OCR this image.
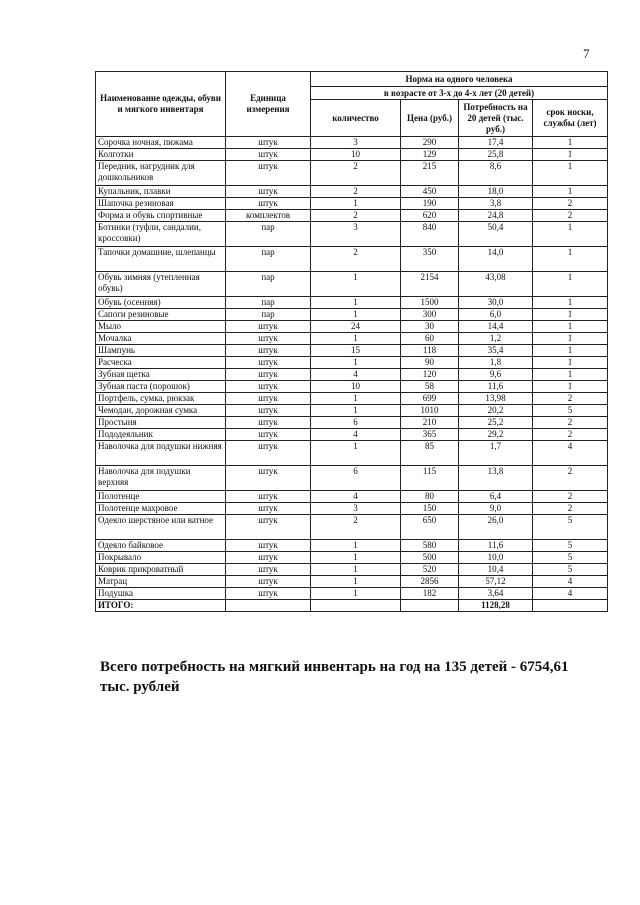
7
Наименование одежды, обуви и мягкого инвентаря	Единица измерения	Норма на одного человека			
		в возрасте от 3-х до 4-х лет (20 детей)			
		количество	Цена (руб.)	Потребность на 20 детей (тыс. руб.)	срок носки, службы (лет)
Сорочка ночная, пижама	штук	3	290	17,4	1
Колготки	штук	10	129	25,8	1
Передник, нагрудник для дошкольников	штук	2	215	8,6	1
Купальник, плавки	штук	2	450	18,0	1
Шапочка резиновая	штук	1	190	3,8	2
Форма и обувь спортивные	комплектов	2	620	24,8	2
Ботинки (туфли, сандалии, кроссовки)	пар	3	840	50,4	1
Тапочки домашние, шлепанцы	пар	2	350	14,0	1
Обувь зимняя (утепленная обувь)	пар	1	2154	43,08	1
Обувь (осенняя)	пар	1	1500	30,0	1
Сапоги резиновые	пар	1	300	6,0	1
Мыло	штук	24	30	14,4	1
Мочалка	штук	1	60	1,2	1
Шампунь	штук	15	118	35,4	1
Расческа	штук	1	90	1,8	1
Зубная щетка	штук	4	120	9,6	1
Зубная паста (порошок)	штук	10	58	11,6	1
Портфель, сумка, рюкзак	штук	1	699	13,98	2
Чемодан, дорожная сумка	штук	1	1010	20,2	5
Простыня	штук	6	210	25,2	2
Пододеяльник	штук	4	365	29,2	2
Наволочка для подушки нижняя	штук	1	85	1,7	4
Наволочка для подушки верхняя	штук	6	115	13,8	2
Полотенце	штук	4	80	6,4	2
Полотенце махровое	штук	3	150	9,0	2
Одеяло шерстяное или ватное	штук	2	650	26,0	5
Одеяло байковое	штук	1	580	11,6	5
Покрывало	штук	1	500	10,0	5
Коврик прикроватный	штук	1	520	10,4	5
Матрац	штук	1	2856	57,12	4
Подушка	штук	1	182	3,64	4
ИТОГО:				1128,28	
Всего потребность на мягкий инвентарь на год на 135 детей - 6754,61 тыс. рублей
